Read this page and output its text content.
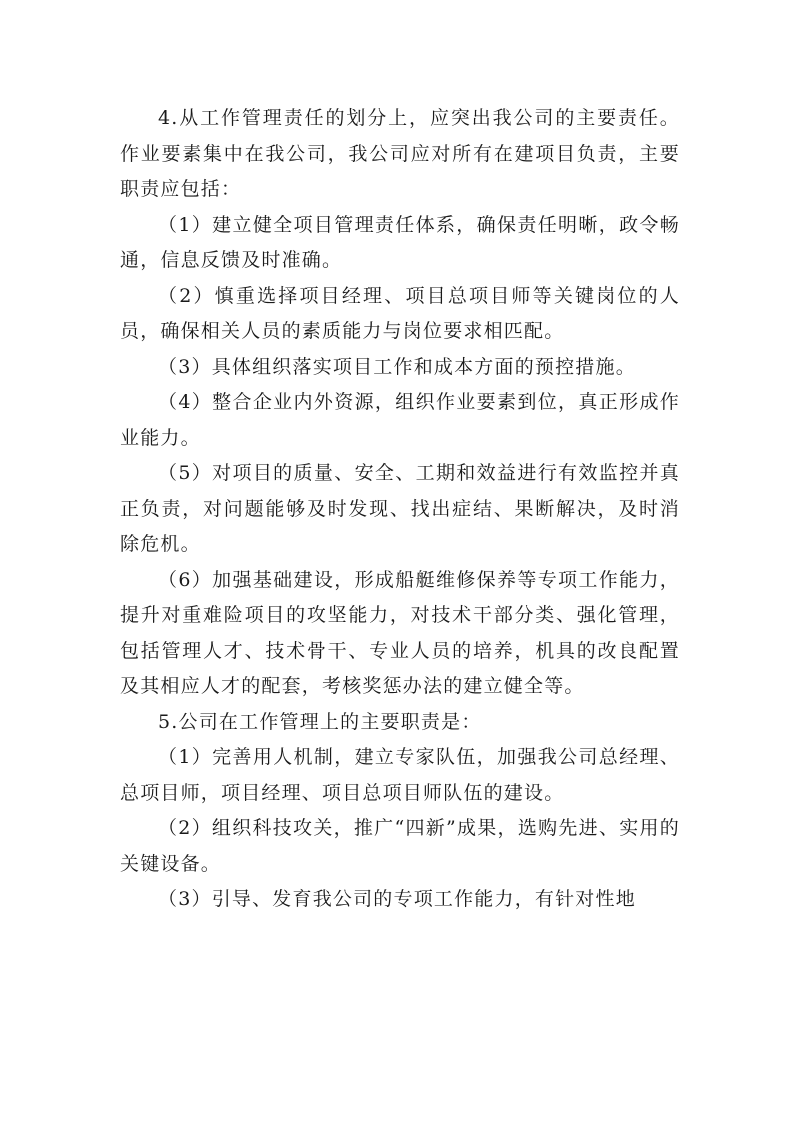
4.从工作管理责任的划分上，应突出我公司的主要责任。作业要素集中在我公司，我公司应对所有在建项目负责，主要职责应包括：

（1）建立健全项目管理责任体系，确保责任明晰，政令畅通，信息反馈及时准确。

（2）慎重选择项目经理、项目总项目师等关键岗位的人员，确保相关人员的素质能力与岗位要求相匹配。

（3）具体组织落实项目工作和成本方面的预控措施。

（4）整合企业内外资源，组织作业要素到位，真正形成作业能力。

（5）对项目的质量、安全、工期和效益进行有效监控并真正负责，对问题能够及时发现、找出症结、果断解决，及时消除危机。

（6）加强基础建设，形成船艇维修保养等专项工作能力，提升对重难险项目的攻坚能力，对技术干部分类、强化管理，包括管理人才、技术骨干、专业人员的培养，机具的改良配置及其相应人才的配套，考核奖惩办法的建立健全等。

5.公司在工作管理上的主要职责是：

（1）完善用人机制，建立专家队伍，加强我公司总经理、总项目师，项目经理、项目总项目师队伍的建设。

（2）组织科技攻关，推广“四新”成果，选购先进、实用的关键设备。

（3）引导、发育我公司的专项工作能力，有针对性地
